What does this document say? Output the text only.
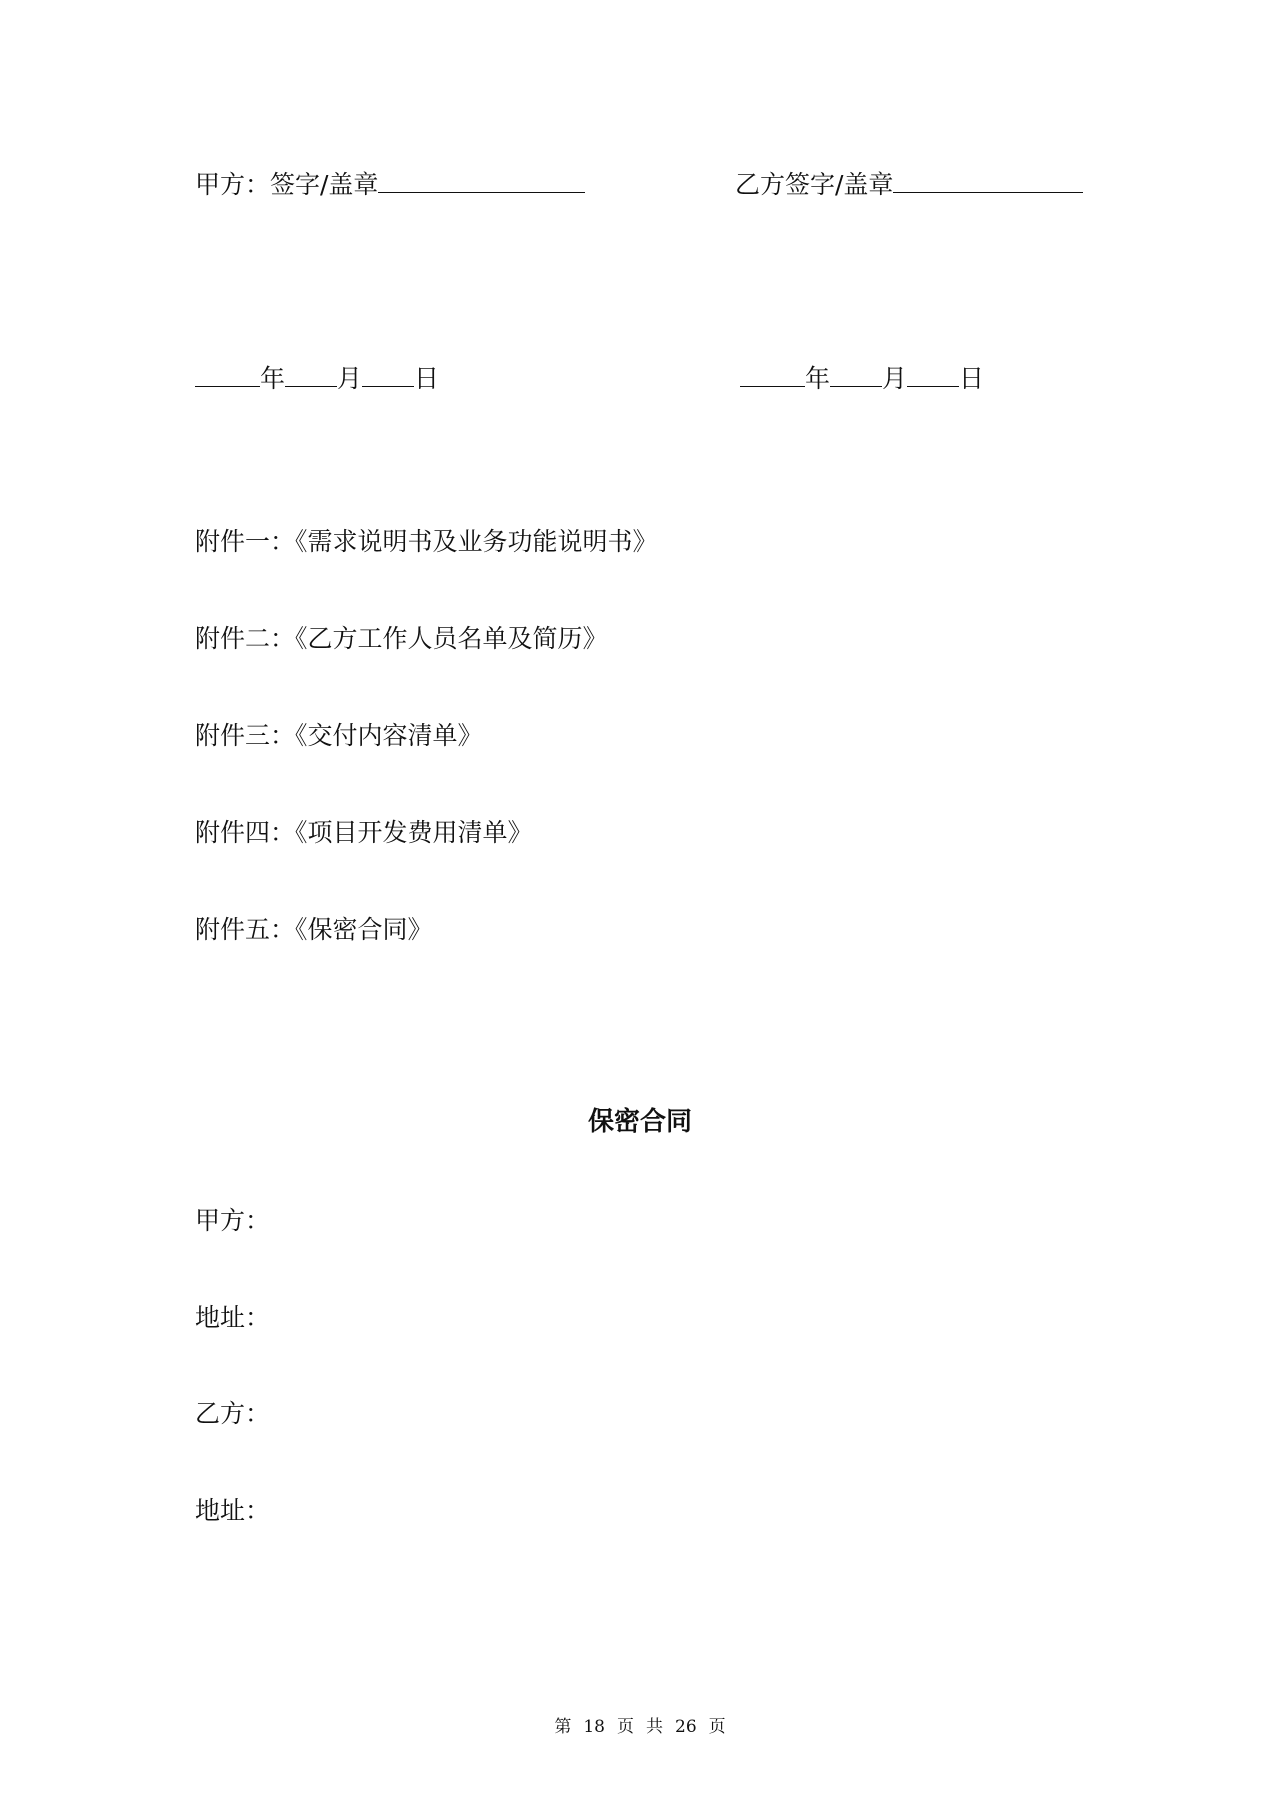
甲方：签字/盖章	乙方签字/盖章
年 月 日	年 月 日
附件一：《需求说明书及业务功能说明书》
附件二：《乙方工作人员名单及简历》
附件三：《交付内容清单》
附件四：《项目开发费用清单》
附件五：《保密合同》
保密合同
甲方：
地址：
乙方：
地址：
第 18 页 共 26 页
